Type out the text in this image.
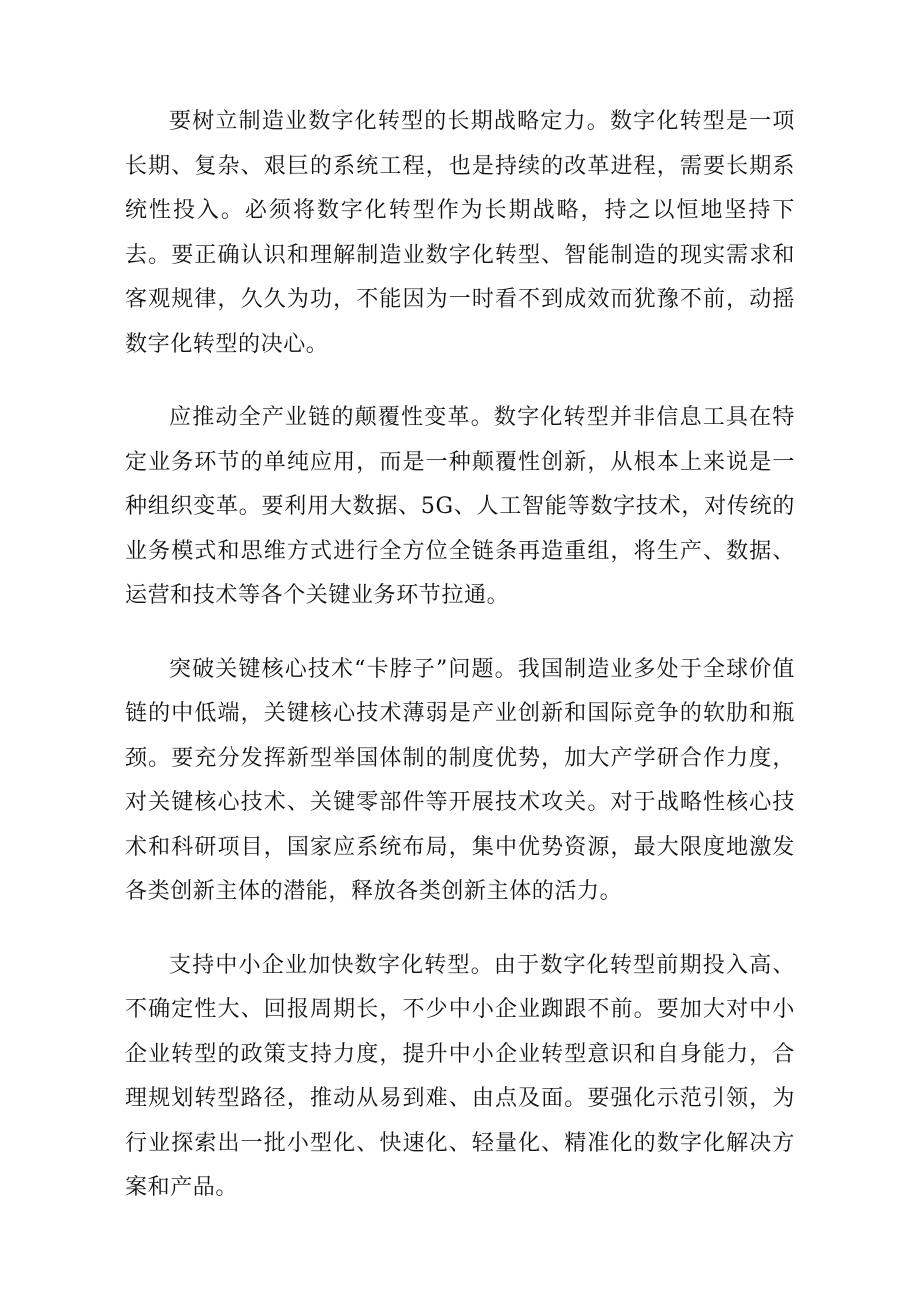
要树立制造业数字化转型的长期战略定力。数字化转型是一项长期、复杂、艰巨的系统工程，也是持续的改革进程，需要长期系统性投入。必须将数字化转型作为长期战略，持之以恒地坚持下去。要正确认识和理解制造业数字化转型、智能制造的现实需求和客观规律，久久为功，不能因为一时看不到成效而犹豫不前，动摇数字化转型的决心。

应推动全产业链的颠覆性变革。数字化转型并非信息工具在特定业务环节的单纯应用，而是一种颠覆性创新，从根本上来说是一种组织变革。要利用大数据、5G、人工智能等数字技术，对传统的业务模式和思维方式进行全方位全链条再造重组，将生产、数据、运营和技术等各个关键业务环节拉通。

突破关键核心技术“卡脖子”问题。我国制造业多处于全球价值链的中低端，关键核心技术薄弱是产业创新和国际竞争的软肋和瓶颈。要充分发挥新型举国体制的制度优势，加大产学研合作力度，对关键核心技术、关键零部件等开展技术攻关。对于战略性核心技术和科研项目，国家应系统布局，集中优势资源，最大限度地激发各类创新主体的潜能，释放各类创新主体的活力。

支持中小企业加快数字化转型。由于数字化转型前期投入高、不确定性大、回报周期长，不少中小企业踟跟不前。要加大对中小企业转型的政策支持力度，提升中小企业转型意识和自身能力，合理规划转型路径，推动从易到难、由点及面。要强化示范引领，为行业探索出一批小型化、快速化、轻量化、精准化的数字化解决方案和产品。
